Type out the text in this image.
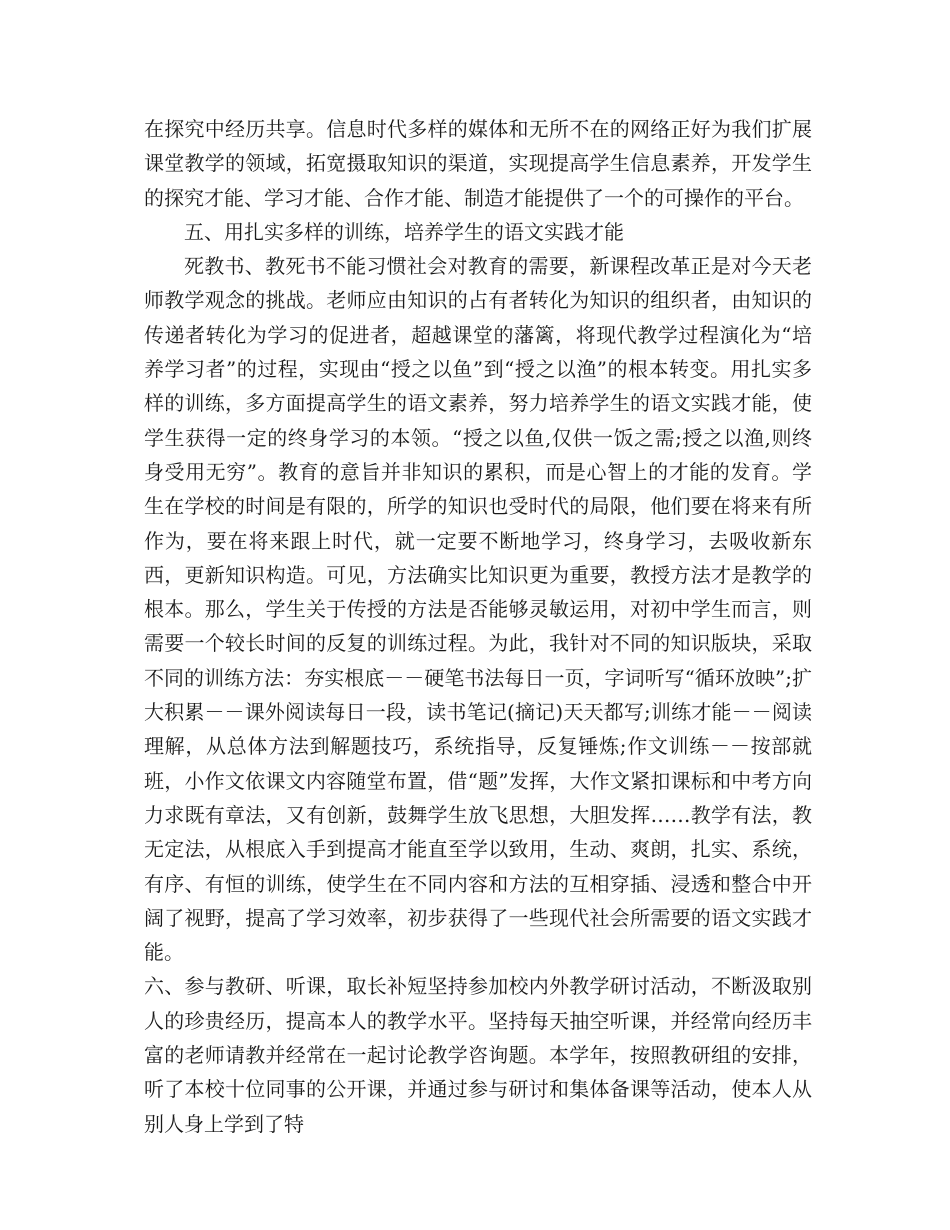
在探究中经历共享。信息时代多样的媒体和无所不在的网络正好为我们扩展课堂教学的领域，拓宽摄取知识的渠道，实现提高学生信息素养，开发学生的探究才能、学习才能、合作才能、制造才能提供了一个的可操作的平台。

五、用扎实多样的训练，培养学生的语文实践才能

死教书、教死书不能习惯社会对教育的需要，新课程改革正是对今天老师教学观念的挑战。老师应由知识的占有者转化为知识的组织者，由知识的传递者转化为学习的促进者，超越课堂的藩篱，将现代教学过程演化为“培养学习者”的过程，实现由“授之以鱼”到“授之以渔”的根本转变。用扎实多样的训练，多方面提高学生的语文素养，努力培养学生的语文实践才能，使学生获得一定的终身学习的本领。“授之以鱼,仅供一饭之需;授之以渔,则终身受用无穷”。教育的意旨并非知识的累积，而是心智上的才能的发育。学生在学校的时间是有限的，所学的知识也受时代的局限，他们要在将来有所作为，要在将来跟上时代，就一定要不断地学习，终身学习，去吸收新东西，更新知识构造。可见，方法确实比知识更为重要，教授方法才是教学的根本。那么，学生关于传授的方法是否能够灵敏运用，对初中学生而言，则需要一个较长时间的反复的训练过程。为此，我针对不同的知识版块，采取不同的训练方法：夯实根底－－硬笔书法每日一页，字词听写“循环放映”;扩大积累－－课外阅读每日一段，读书笔记(摘记)天天都写;训练才能－－阅读理解，从总体方法到解题技巧，系统指导，反复锤炼;作文训练－－按部就班，小作文依课文内容随堂布置，借“题”发挥，大作文紧扣课标和中考方向力求既有章法，又有创新，鼓舞学生放飞思想，大胆发挥……教学有法，教无定法，从根底入手到提高才能直至学以致用，生动、爽朗，扎实、系统，有序、有恒的训练，使学生在不同内容和方法的互相穿插、浸透和整合中开阔了视野，提高了学习效率，初步获得了一些现代社会所需要的语文实践才能。

六、参与教研、听课，取长补短坚持参加校内外教学研讨活动，不断汲取别人的珍贵经历，提高本人的教学水平。坚持每天抽空听课，并经常向经历丰富的老师请教并经常在一起讨论教学咨询题。本学年，按照教研组的安排，听了本校十位同事的公开课，并通过参与研讨和集体备课等活动，使本人从别人身上学到了特
